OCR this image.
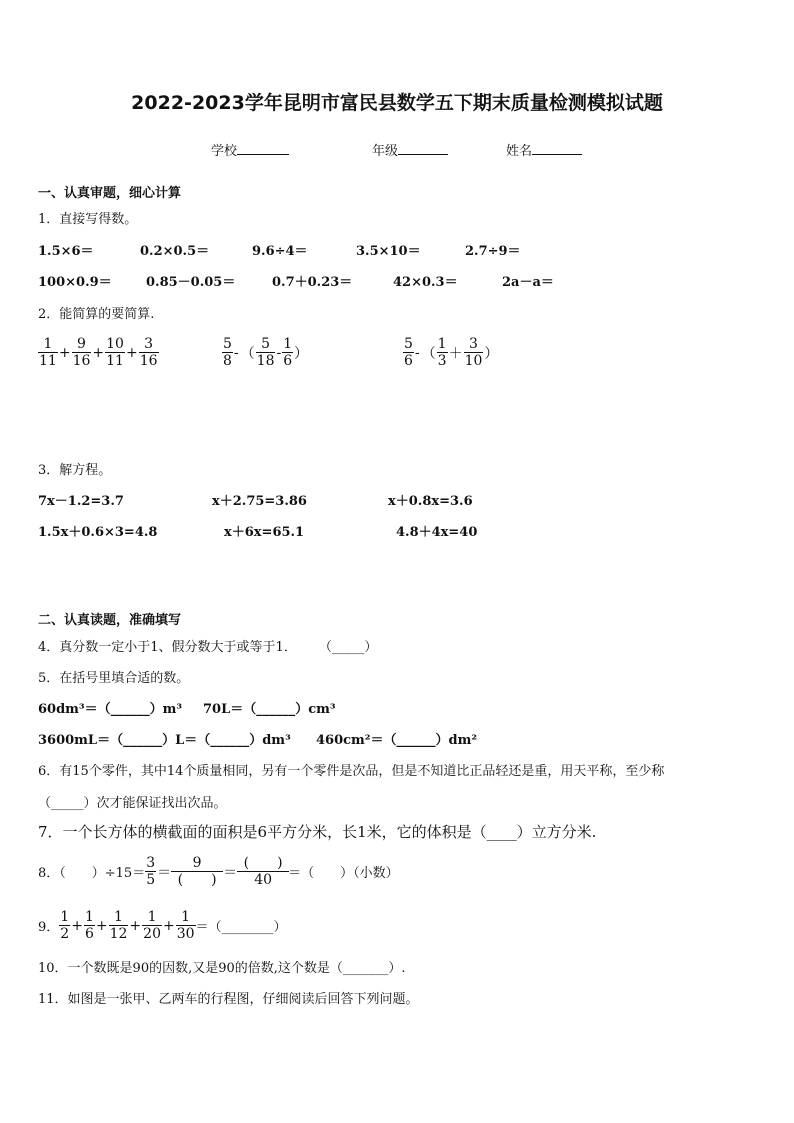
2022-2023学年昆明市富民县数学五下期末质量检测模拟试题
学校	年级	姓名
一、认真审题，细心计算
1．直接写得数。
1.5×6＝	0.2×0.5＝	9.6÷4＝	3.5×10＝	2.7÷9＝
100×0.9＝	0.85－0.05＝	0.7＋0.23＝	42×0.3＝	2a－a＝
2．能简算的要简算.
$\frac{1}{11} + \frac{9}{16} + \frac{10}{11} + \frac{3}{16}$	$\frac{5}{8}$ - （ $\frac{5}{18} - \frac{1}{6}$ ）	$\frac{5}{6}$ - （ $\frac{1}{3} + \frac{3}{10}$ ）
3．解方程。
7x－1.2=3.7	x＋2.75=3.86	x＋0.8x=3.6
1.5x＋0.6×3=4.8	x＋6x=65.1	4.8＋4x=40
二、认真读题，准确填写
4．真分数一定小于1、假分数大于或等于1． （_____）
5．在括号里填合适的数。
60dm³＝（______）m³ 70L＝（______）cm³
3600mL＝（______）L＝（______）dm³ 460cm²＝（______）dm²
6．有15个零件，其中14个质量相同，另有一个零件是次品，但是不知道比正品轻还是重，用天平称，至少称
（_____）次才能保证找出次品。
7．一个长方体的横截面的面积是6平方分米，长1米，它的体积是（____）立方分米.
8．（　　）$\div 15= \frac{3}{5} = \frac{9}{( )} = \frac{( )}{40}$ ＝（　　）（小数）
9． $\frac{1}{2} + \frac{1}{6} + \frac{1}{12} + \frac{1}{20} + \frac{1}{30}$ ＝（________）
10．一个数既是90的因数,又是90的倍数,这个数是（_______）.
11．如图是一张甲、乙两车的行程图，仔细阅读后回答下列问题。
